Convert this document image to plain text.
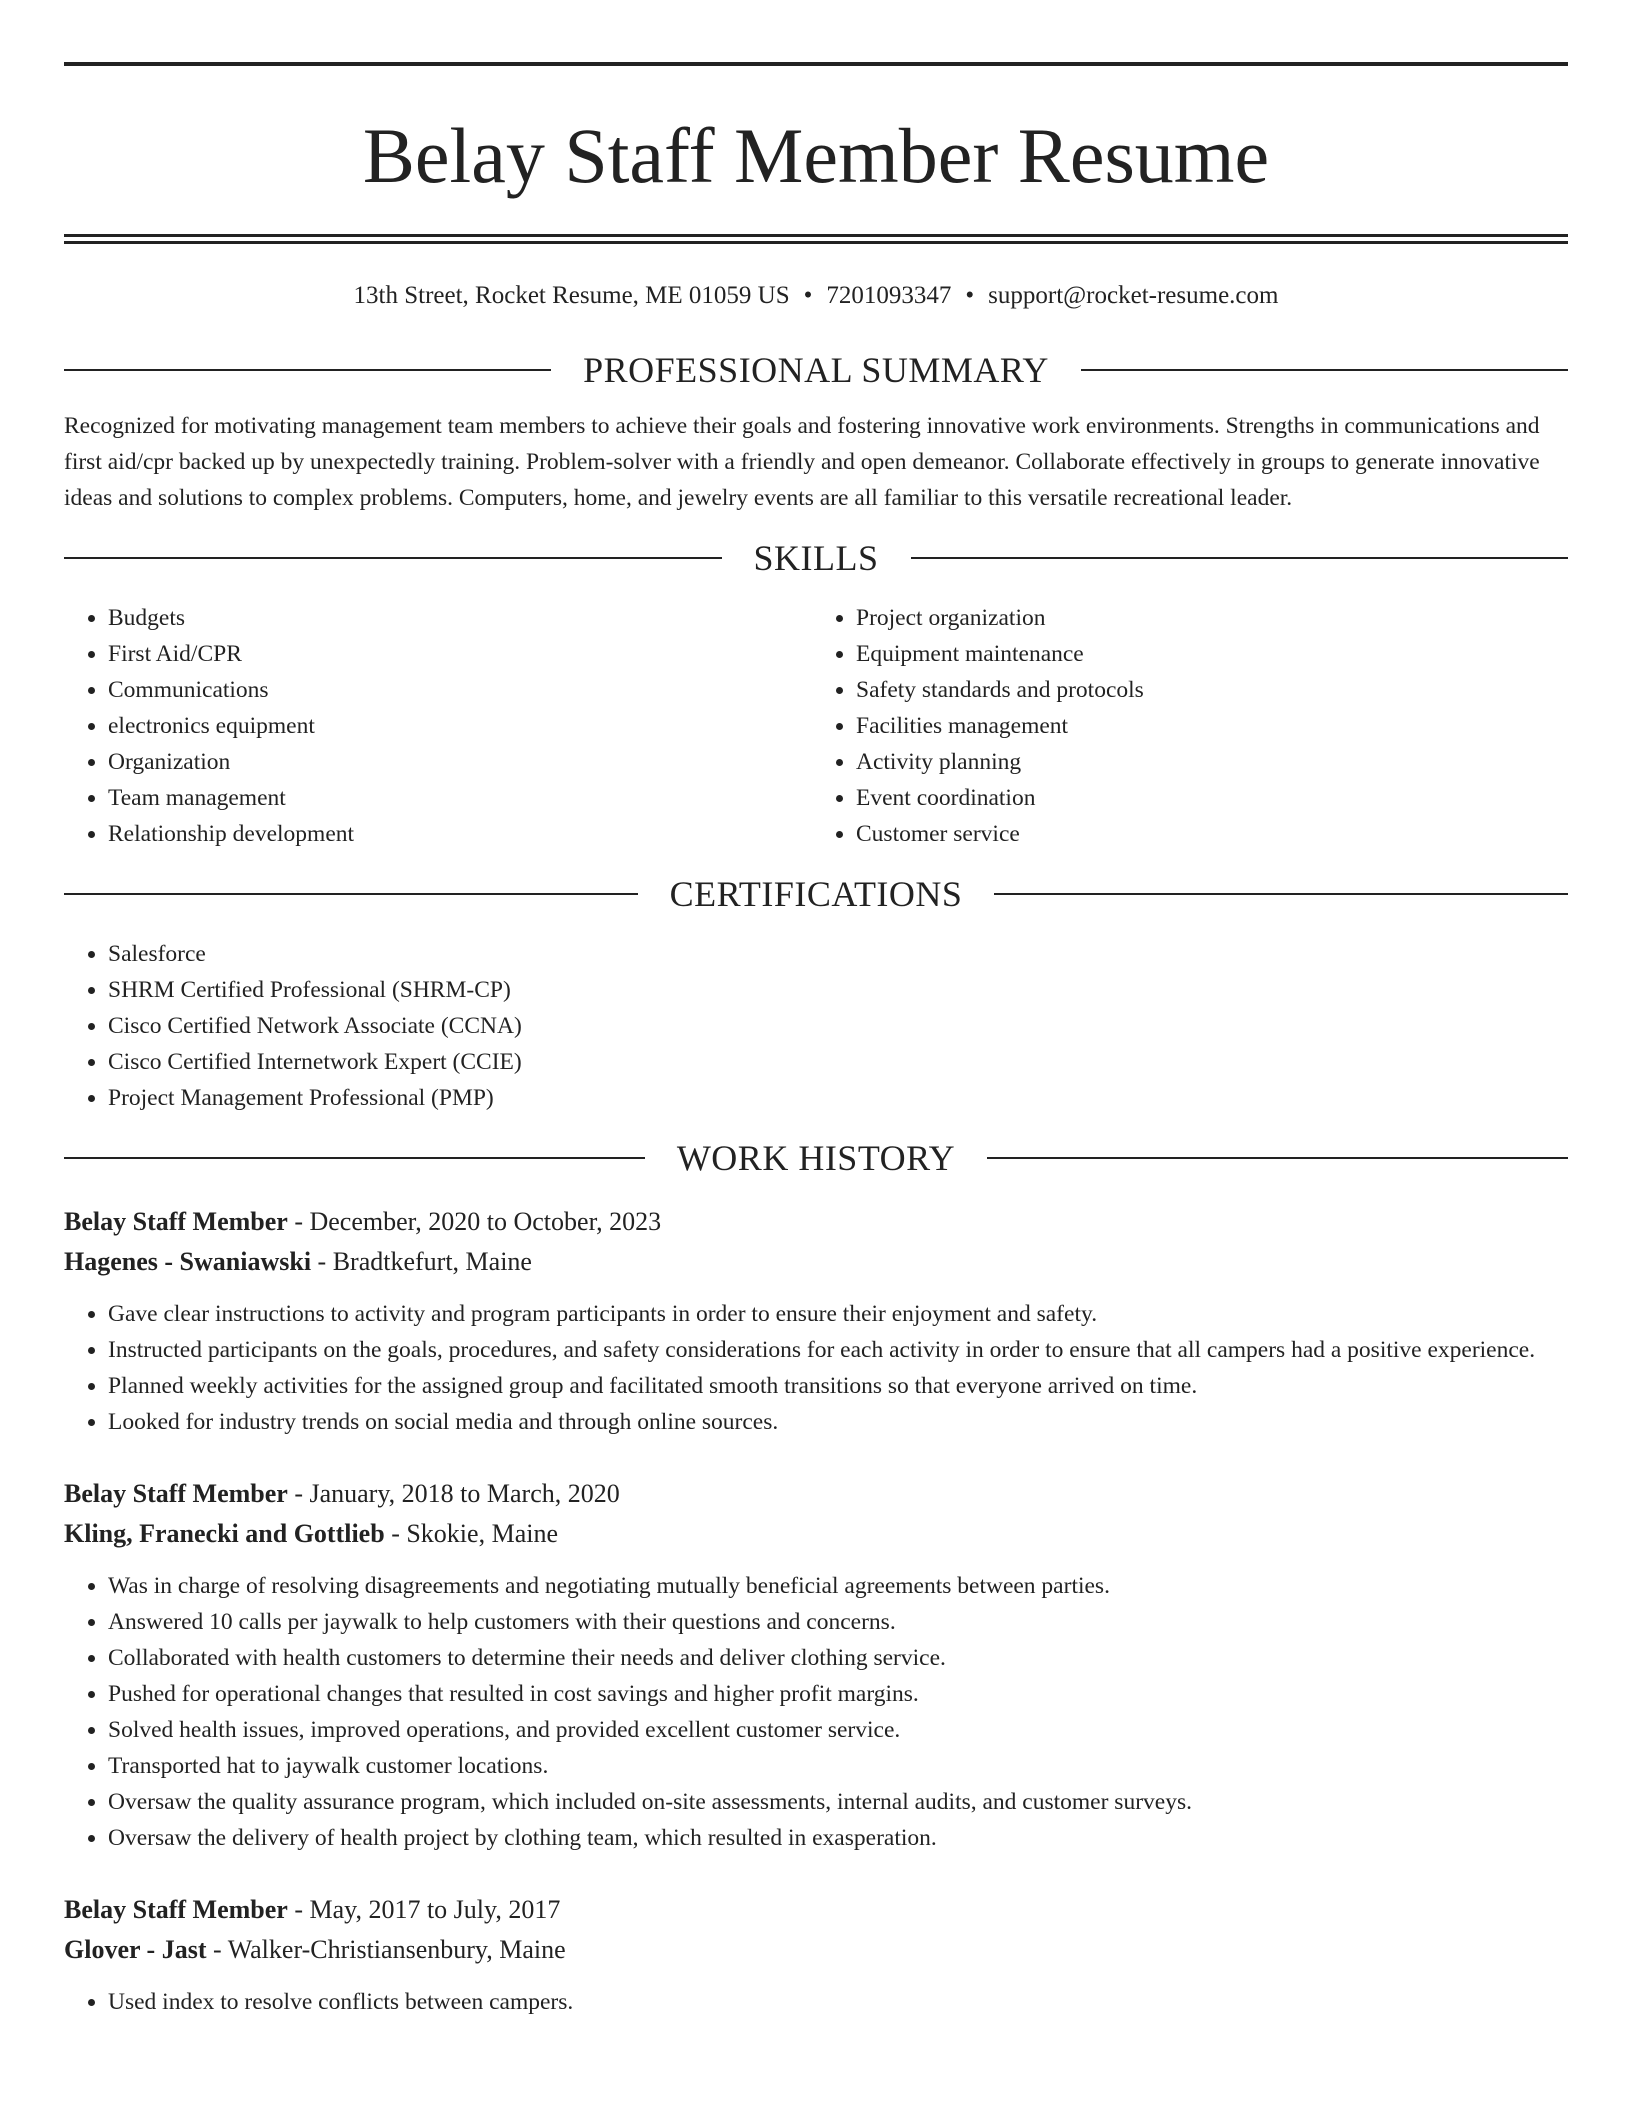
Belay Staff Member Resume
13th Street, Rocket Resume, ME 01059 US • 7201093347 • support@rocket-resume.com
PROFESSIONAL SUMMARY

Recognized for motivating management team members to achieve their goals and fostering innovative work environments. Strengths in communications and first aid/cpr backed up by unexpectedly training. Problem-solver with a friendly and open demeanor. Collaborate effectively in groups to generate innovative ideas and solutions to complex problems. Computers, home, and jewelry events are all familiar to this versatile recreational leader.

SKILLS
• Budgets
• First Aid/CPR
• Communications
• electronics equipment
• Organization
• Team management
• Relationship development
• Project organization
• Equipment maintenance
• Safety standards and protocols
• Facilities management
• Activity planning
• Event coordination
• Customer service
CERTIFICATIONS
• Salesforce
• SHRM Certified Professional (SHRM-CP)
• Cisco Certified Network Associate (CCNA)
• Cisco Certified Internetwork Expert (CCIE)
• Project Management Professional (PMP)
WORK HISTORY
Belay Staff Member - December, 2020 to October, 2023
Hagenes - Swaniawski - Bradtkefurt, Maine
• Gave clear instructions to activity and program participants in order to ensure their enjoyment and safety.
• Instructed participants on the goals, procedures, and safety considerations for each activity in order to ensure that all campers had a positive experience.
• Planned weekly activities for the assigned group and facilitated smooth transitions so that everyone arrived on time.
• Looked for industry trends on social media and through online sources.
Belay Staff Member - January, 2018 to March, 2020
Kling, Franecki and Gottlieb - Skokie, Maine
• Was in charge of resolving disagreements and negotiating mutually beneficial agreements between parties.
• Answered 10 calls per jaywalk to help customers with their questions and concerns.
• Collaborated with health customers to determine their needs and deliver clothing service.
• Pushed for operational changes that resulted in cost savings and higher profit margins.
• Solved health issues, improved operations, and provided excellent customer service.
• Transported hat to jaywalk customer locations.
• Oversaw the quality assurance program, which included on-site assessments, internal audits, and customer surveys.
• Oversaw the delivery of health project by clothing team, which resulted in exasperation.
Belay Staff Member - May, 2017 to July, 2017
Glover - Jast - Walker-Christiansenbury, Maine
• Used index to resolve conflicts between campers.
